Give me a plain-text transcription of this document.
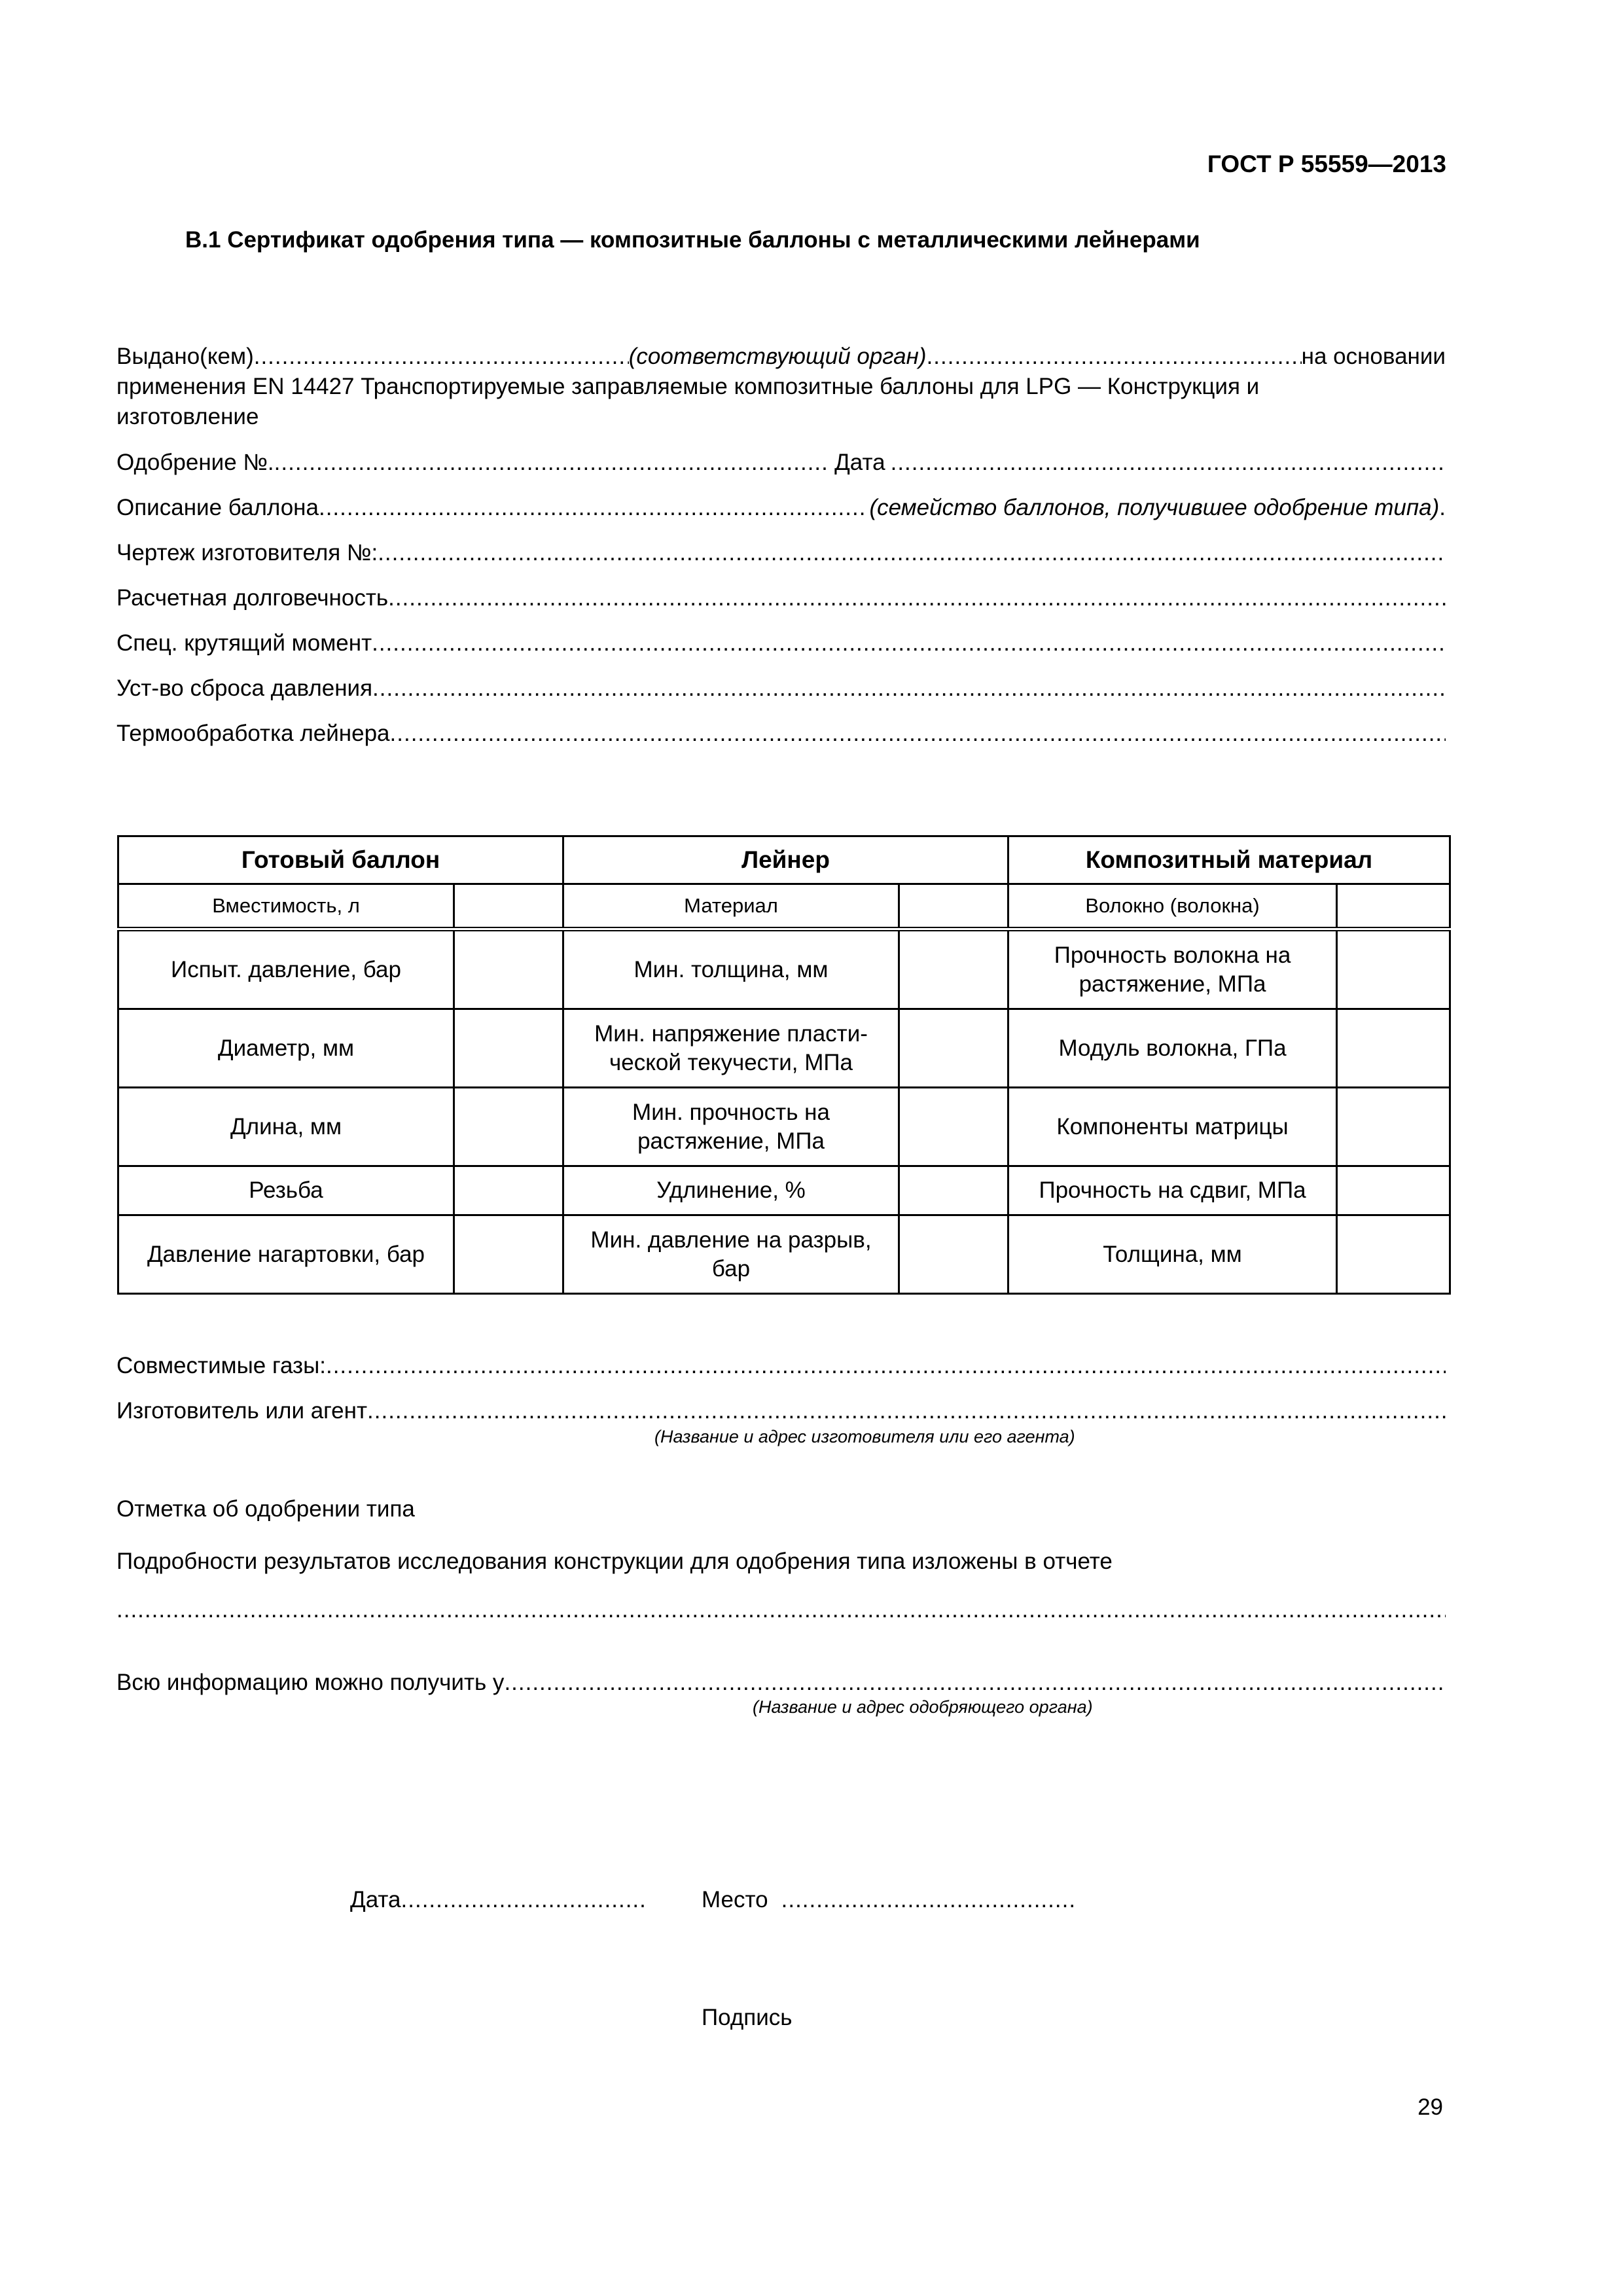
ГОСТ Р 55559—2013
В.1 Сертификат одобрения типа — композитные баллоны с металлическими лейнерами
Выдано(кем) .....	(соответствующий орган) .....	на основании
применения EN 14427 Транспортируемые заправляемые композитные баллоны для LPG — Конструкция и
изготовление
Одобрение №. .....	Дата
.....
Описание баллона .....	(семейство баллонов, получившее одобрение типа) .
Чертеж изготовителя №:
.....
Расчетная долговечность
.....
Спец. крутящий момент
.....
Уст-во сброса давления
.....
Термообработка лейнера
.....
Готовый баллон		Лейнер		Композитный материал	
Вместимость, л		Материал		Волокно (волокна)	
Испыт. давление, бар		Мин. толщина, мм		Прочность волокна на растяжение, МПа	
Диаметр, мм		Мин. напряжение пласти-ческой текучести, МПа		Модуль волокна, ГПа	
Длина, мм		Мин. прочность на растяжение, МПа		Компоненты матрицы	
Резьба		Удлинение, %		Прочность на сдвиг, МПа	
Давление нагартовки, бар		Мин. давление на разрыв, бар		Толщина, мм	
Совместимые газы:
.....
Изготовитель или агент
.....
(Название и адрес изготовителя или его агента)
Отметка об одобрении типа
Подробности результатов исследования конструкции для одобрения типа изложены в отчете
.....
Всю информацию можно получить у
.....
(Название и адрес одобряющего органа)
Дата .....	Место
.....
Подпись
29
